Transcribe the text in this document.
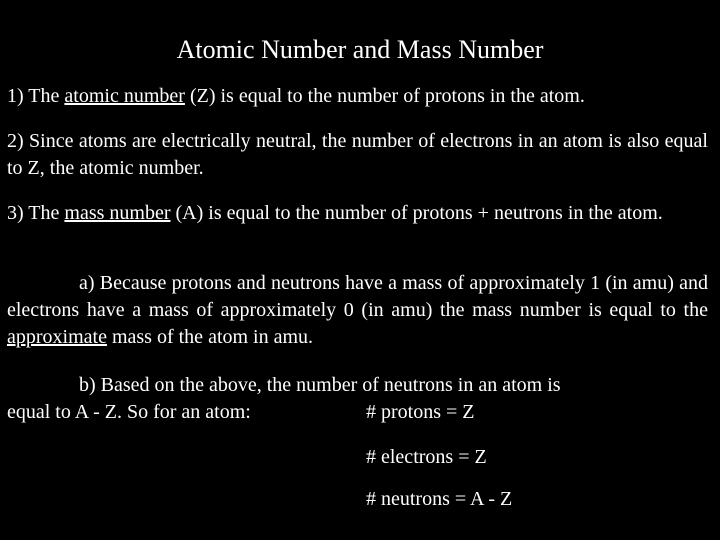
Atomic Number and Mass Number
1) The atomic number (Z) is equal to the number of protons in the atom.
2) Since atoms are electrically neutral, the number of electrons in an atom is also equal to Z, the atomic number.
3) The mass number (A) is equal to the number of protons + neutrons in the atom.
a) Because protons and neutrons have a mass of approximately 1 (in amu) and electrons have a mass of approximately 0 (in amu) the mass number is equal to the approximate mass of the atom in amu.
b) Based on the above, the number of neutrons in an atom is
equal to A - Z. So for an atom:	# protons = Z
# electrons = Z
# neutrons = A - Z
